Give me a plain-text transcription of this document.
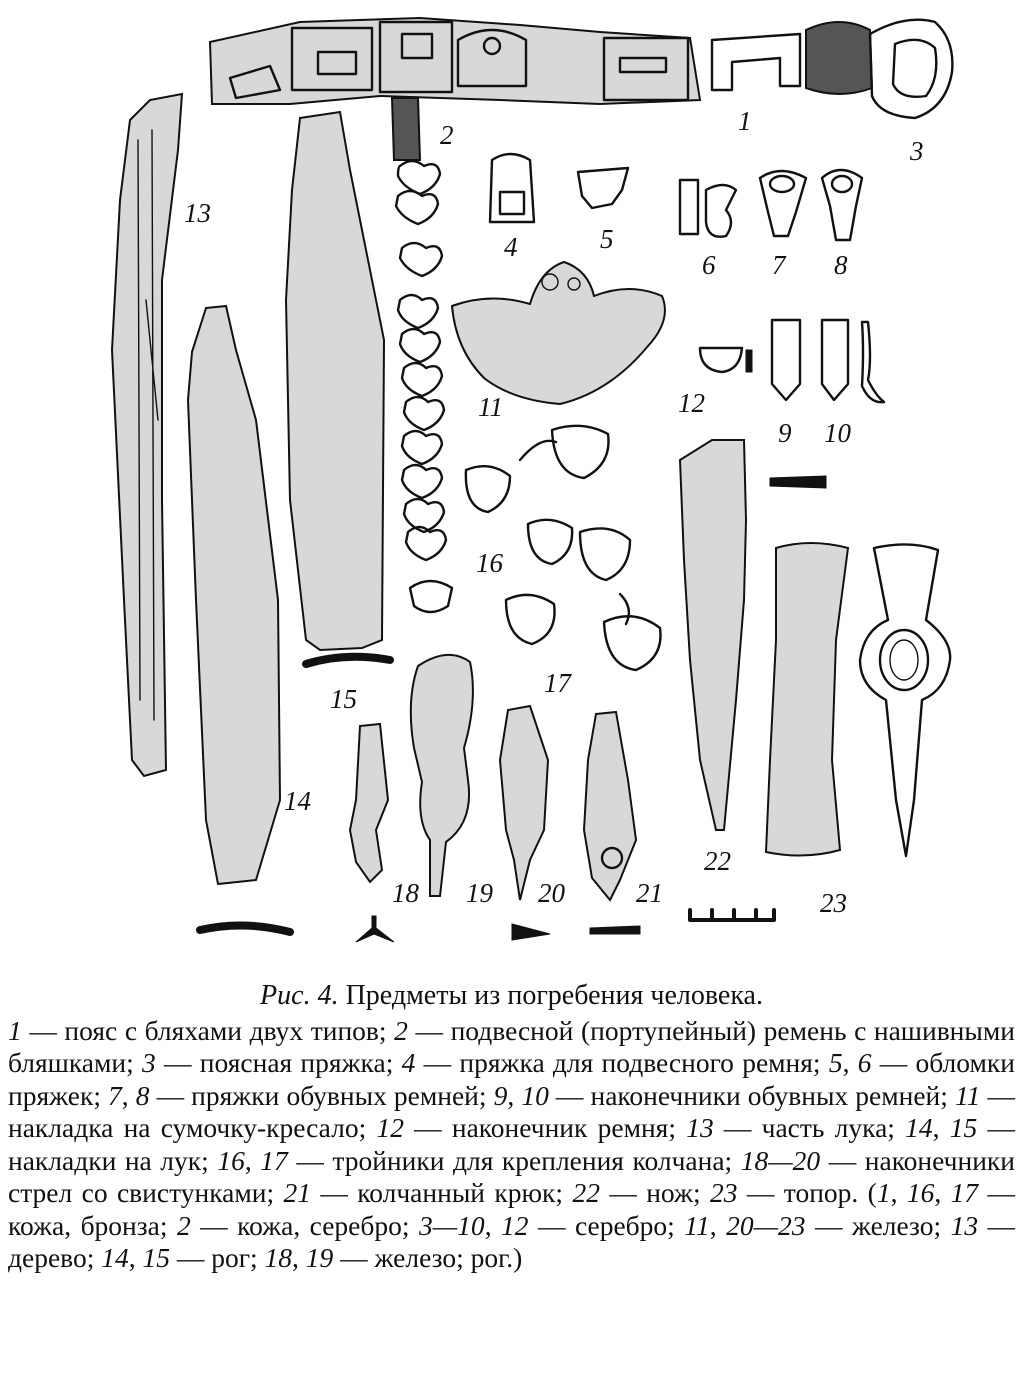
1
2
3
4	5
6 7 8
9 10
11	12
13
14
15
16
17
18 19 20	21
22
23

Рис. 4. Предметы из погребения человека.

1 — пояс с бляхами двух типов; 2 — подвесной (портупейный) ремень с нашивными бляшками; 3 — поясная пряжка; 4 — пряжка для подвесного ремня; 5, 6 — обломки пряжек; 7, 8 — пряжки обувных ремней; 9, 10 — наконечники обувных ремней; 11 — накладка на сумочку-кресало; 12 — наконечник ремня; 13 — часть лука; 14, 15 — накладки на лук; 16, 17 — тройники для крепления колчана; 18—20 — наконечники стрел со свистунками; 21 — колчанный крюк; 22 — нож; 23 — топор. (1, 16, 17 — кожа, бронза; 2 — кожа, серебро; 3—10, 12 — серебро; 11, 20—23 — железо; 13 — дерево; 14, 15 — рог; 18, 19 — железо; рог.)
